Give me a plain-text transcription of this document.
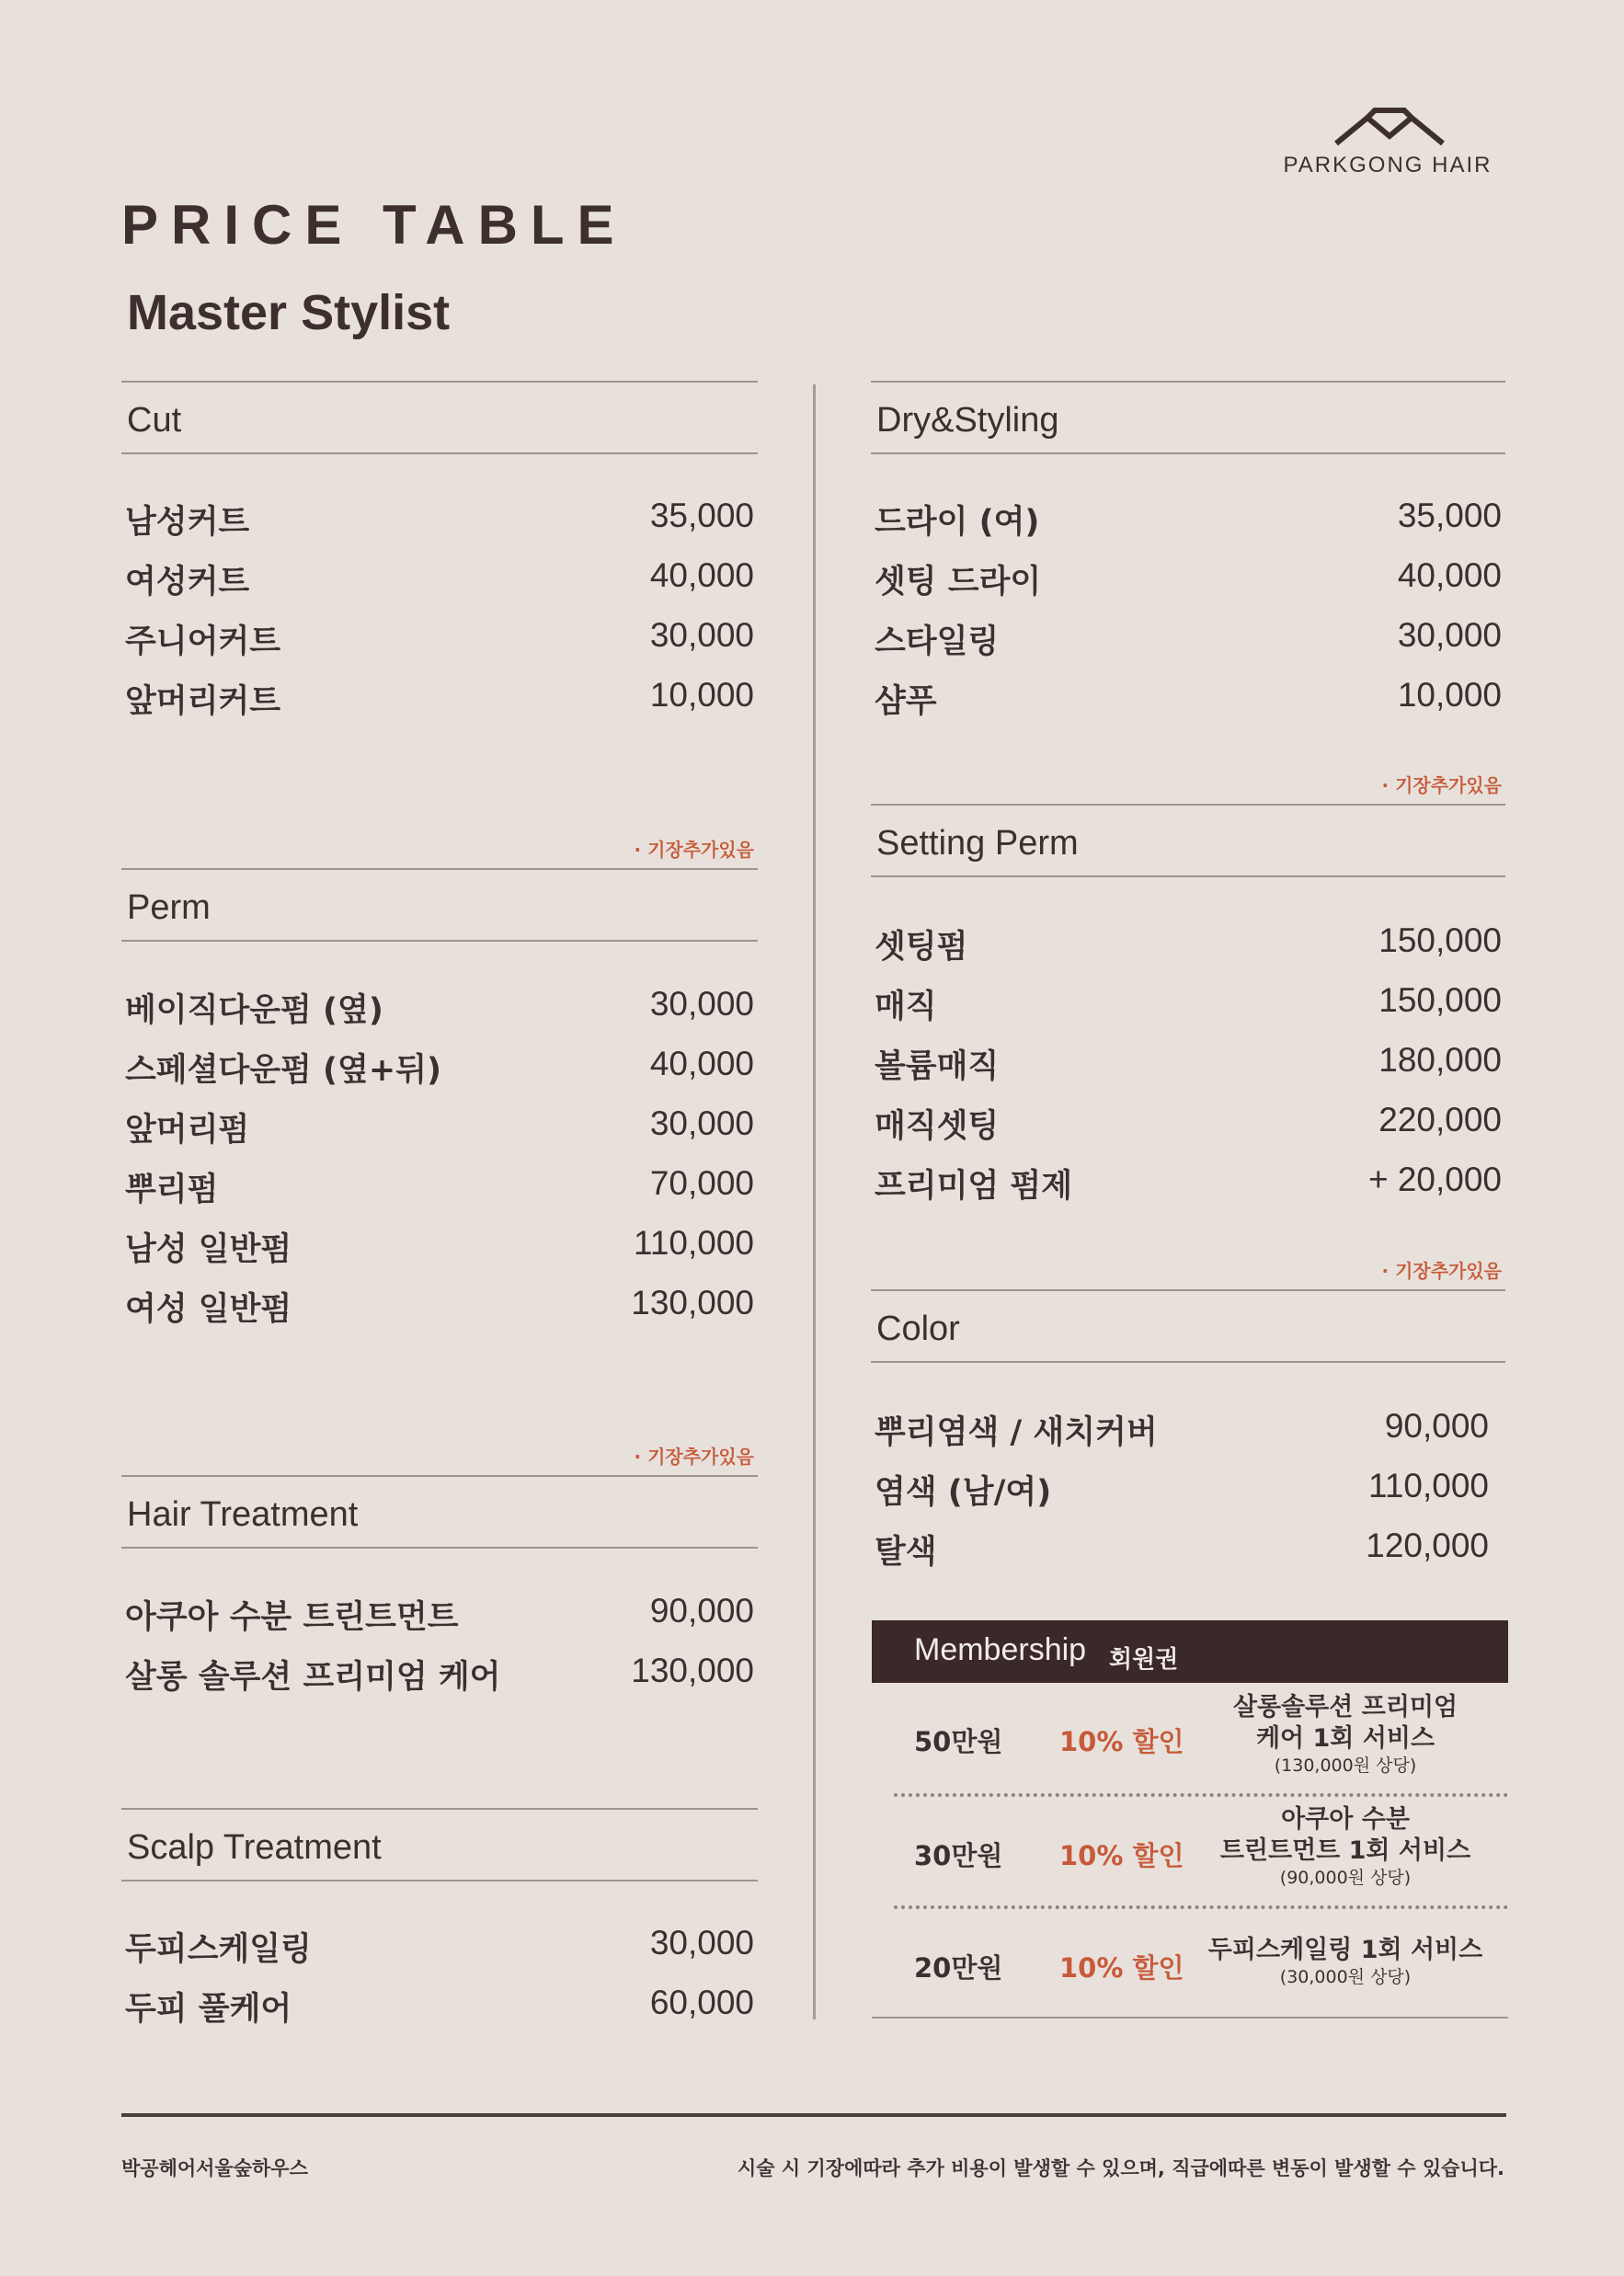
PARKGONG HAIR
PRICE TABLE
Master Stylist
Cut
남성커트	35,000
여성커트	40,000
주니어커트	30,000
앞머리커트	10,000
· 기장추가있음
Perm
베이직다운펌 (옆)	30,000
스페셜다운펌 (옆+뒤)	40,000
앞머리펌	30,000
뿌리펌	70,000
남성 일반펌	110,000
여성 일반펌	130,000
· 기장추가있음
Hair Treatment
아쿠아 수분 트린트먼트	90,000
살롱 솔루션 프리미엄 케어	130,000
Scalp Treatment
두피스케일링	30,000
두피 풀케어	60,000
Dry&Styling
드라이 (여)	35,000
셋팅 드라이	40,000
스타일링	30,000
샴푸	10,000
· 기장추가있음
Setting Perm
셋팅펌	150,000
매직	150,000
볼륨매직	180,000
매직셋팅	220,000
프리미엄 펌제	+ 20,000
· 기장추가있음
Color
뿌리염색 / 새치커버	90,000
염색 (남/여)	110,000
탈색	120,000
Membership 회원권
50만원 10% 할인
살롱솔루션 프리미엄
케어 1회 서비스
(130,000원 상당)
30만원 10% 할인
아쿠아 수분
트린트먼트 1회 서비스
(90,000원 상당)
20만원 10% 할인
두피스케일링 1회 서비스
(30,000원 상당)
박공헤어서울숲하우스	시술 시 기장에따라 추가 비용이 발생할 수 있으며, 직급에따른 변동이 발생할 수 있습니다.
